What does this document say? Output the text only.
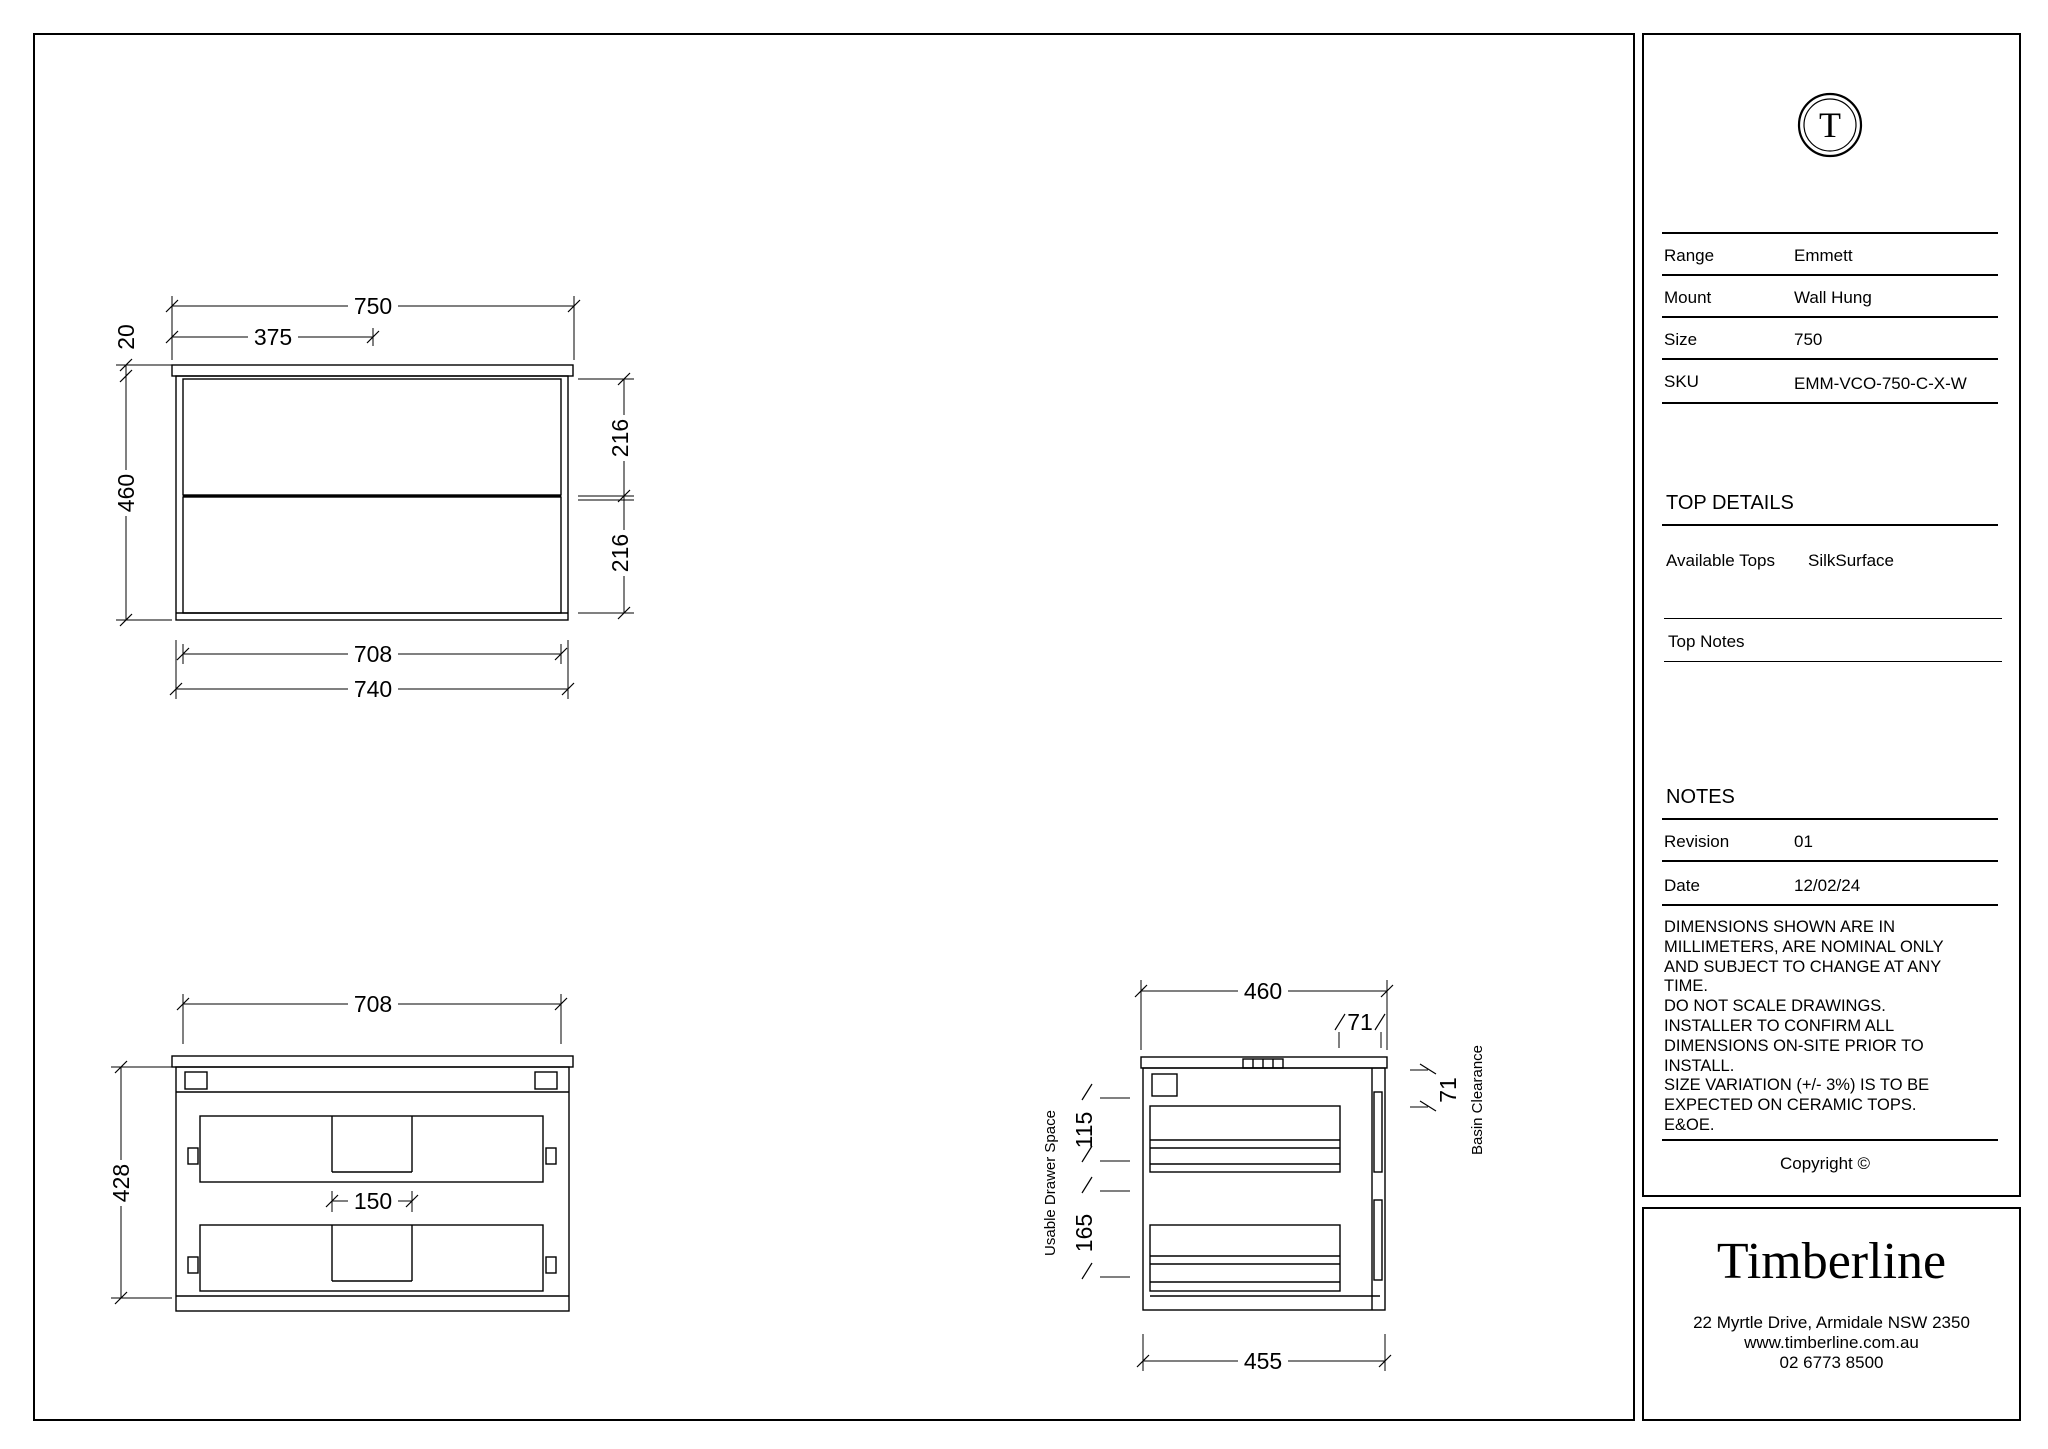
750
375
20
460
216
216
708
740
708
428	150
460
71
71 Basin Clearance
Usable Drawer Space 115
165
455
T
Range	Emmett
Mount	Wall Hung
Size	750
SKU	EMM-VCO-750-C-X-W
TOP DETAILS
Available Tops SilkSurface
Top Notes
NOTES
Revision	01
Date	12/02/24
DIMENSIONS SHOWN ARE IN
MILLIMETERS, ARE NOMINAL ONLY
AND SUBJECT TO CHANGE AT ANY
TIME.
DO NOT SCALE DRAWINGS.
INSTALLER TO CONFIRM ALL
DIMENSIONS ON-SITE PRIOR TO
INSTALL.
SIZE VARIATION (+/- 3%) IS TO BE
EXPECTED ON CERAMIC TOPS.
E&OE.
Copyright ©
Timberline
22 Myrtle Drive, Armidale NSW 2350
www.timberline.com.au
02 6773 8500
